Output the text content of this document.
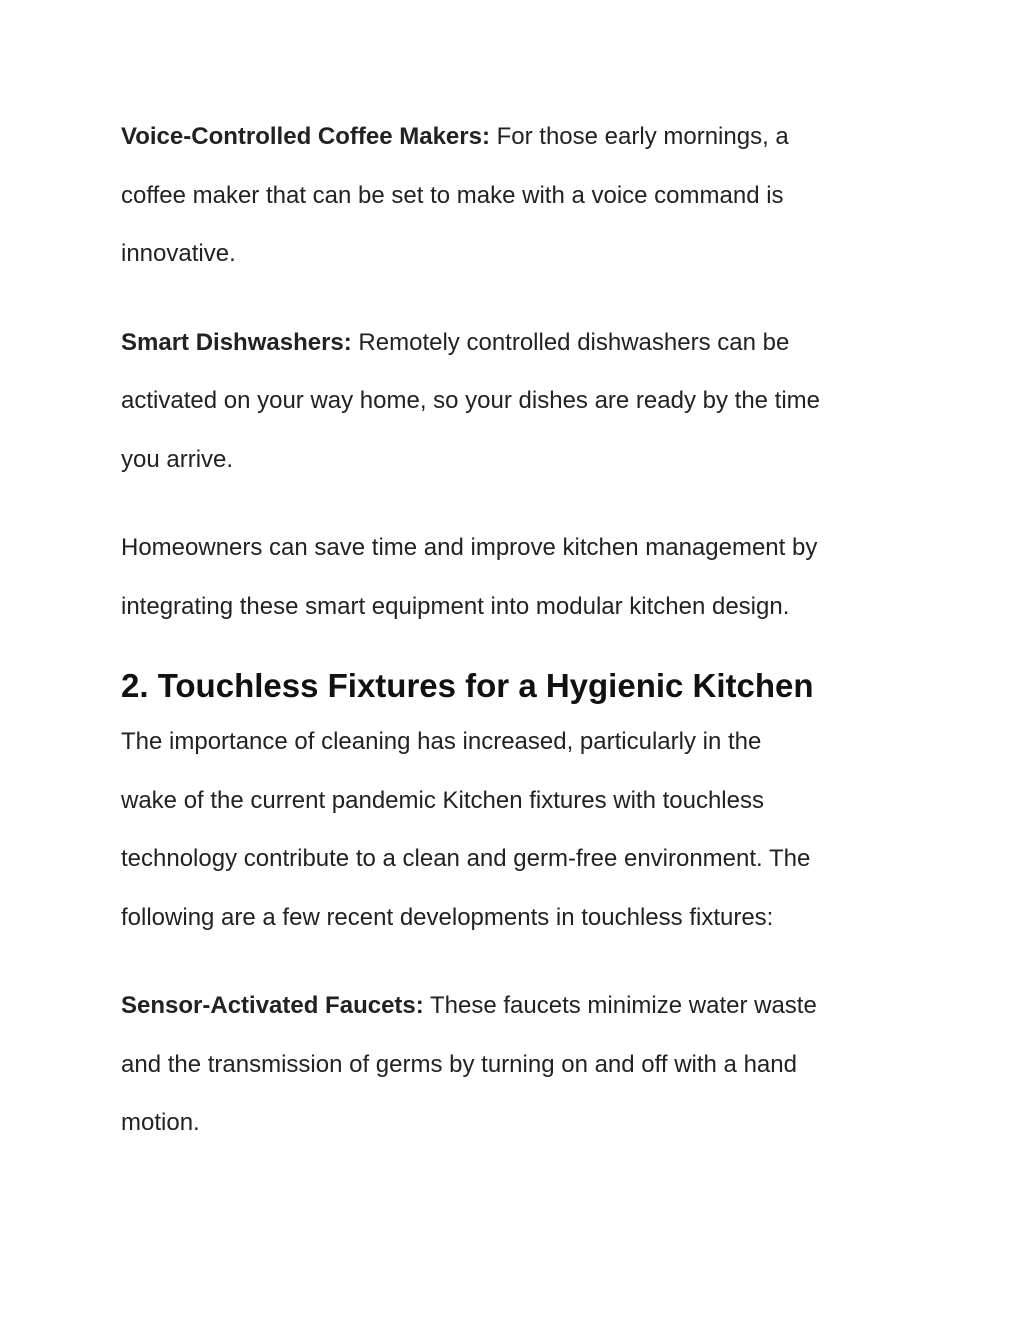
Voice-Controlled Coffee Makers: For those early mornings, a
coffee maker that can be set to make with a voice command is
innovative.

Smart Dishwashers: Remotely controlled dishwashers can be
activated on your way home, so your dishes are ready by the time
you arrive.

Homeowners can save time and improve kitchen management by
integrating these smart equipment into modular kitchen design.

2. Touchless Fixtures for a Hygienic Kitchen

The importance of cleaning has increased, particularly in the
wake of the current pandemic Kitchen fixtures with touchless
technology contribute to a clean and germ-free environment. The
following are a few recent developments in touchless fixtures:

Sensor-Activated Faucets: These faucets minimize water waste
and the transmission of germs by turning on and off with a hand
motion.
